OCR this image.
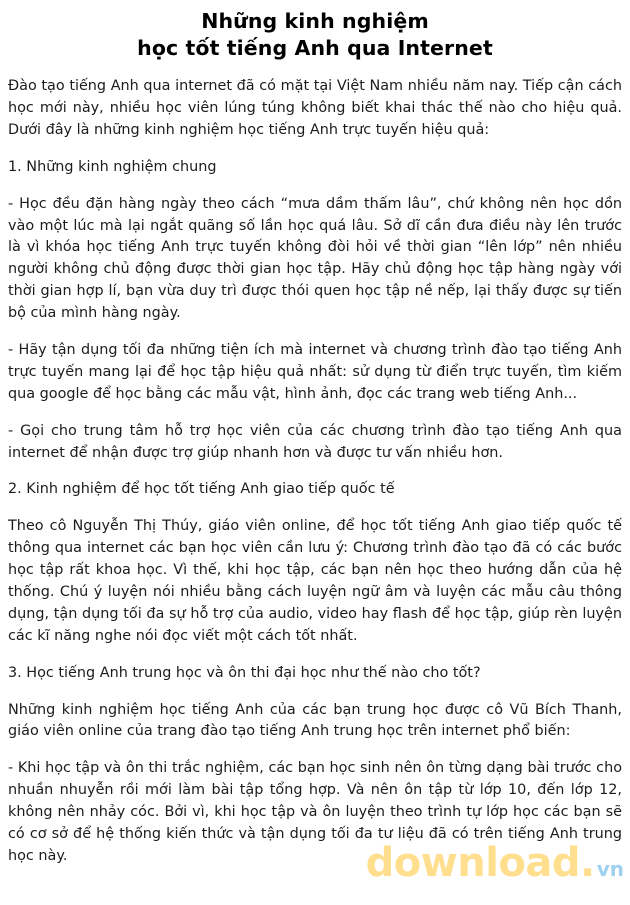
Những kinh nghiệm
học tốt tiếng Anh qua Internet

Đào tạo tiếng Anh qua internet đã có mặt tại Việt Nam nhiều năm nay. Tiếp cận cách học mới này, nhiều học viên lúng túng không biết khai thác thế nào cho hiệu quả. Dưới đây là những kinh nghiệm học tiếng Anh trực tuyến hiệu quả:

1. Những kinh nghiệm chung

- Học đều đặn hàng ngày theo cách “mưa dầm thấm lâu”, chứ không nên học dồn vào một lúc mà lại ngắt quãng số lần học quá lâu. Sở dĩ cần đưa điều này lên trước là vì khóa học tiếng Anh trực tuyến không đòi hỏi về thời gian “lên lớp” nên nhiều người không chủ động được thời gian học tập. Hãy chủ động học tập hàng ngày với thời gian hợp lí, bạn vừa duy trì được thói quen học tập nề nếp, lại thấy được sự tiến bộ của mình hàng ngày.

- Hãy tận dụng tối đa những tiện ích mà internet và chương trình đào tạo tiếng Anh trực tuyến mang lại để học tập hiệu quả nhất: sử dụng từ điển trực tuyến, tìm kiếm qua google để học bằng các mẫu vật, hình ảnh, đọc các trang web tiếng Anh...

- Gọi cho trung tâm hỗ trợ học viên của các chương trình đào tạo tiếng Anh qua internet để nhận được trợ giúp nhanh hơn và được tư vấn nhiều hơn.

2. Kinh nghiệm để học tốt tiếng Anh giao tiếp quốc tế

Theo cô Nguyễn Thị Thúy, giáo viên online, để học tốt tiếng Anh giao tiếp quốc tế thông qua internet các bạn học viên cần lưu ý: Chương trình đào tạo đã có các bước học tập rất khoa học. Vì thế, khi học tập, các bạn nên học theo hướng dẫn của hệ thống. Chú ý luyện nói nhiều bằng cách luyện ngữ âm và luyện các mẫu câu thông dụng, tận dụng tối đa sự hỗ trợ của audio, video hay flash để học tập, giúp rèn luyện các kĩ năng nghe nói đọc viết một cách tốt nhất.

3. Học tiếng Anh trung học và ôn thi đại học như thế nào cho tốt?

Những kinh nghiệm học tiếng Anh của các bạn trung học được cô Vũ Bích Thanh, giáo viên online của trang đào tạo tiếng Anh trung học trên internet phổ biến:

- Khi học tập và ôn thi trắc nghiệm, các bạn học sinh nên ôn từng dạng bài trước cho nhuần nhuyễn rồi mới làm bài tập tổng hợp. Và nên ôn tập từ lớp 10, đến lớp 12, không nên nhảy cóc. Bởi vì, khi học tập và ôn luyện theo trình tự lớp học các bạn sẽ có cơ sở để hệ thống kiến thức và tận dụng tối đa tư liệu đã có trên tiếng Anh trung học này.	download. vn
